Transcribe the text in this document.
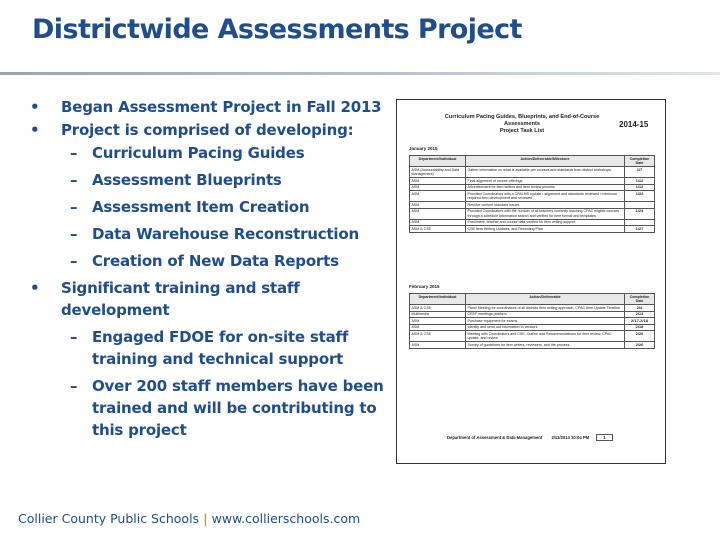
Districtwide Assessments Project
• Began Assessment Project in Fall 2013
• Project is comprised of developing:
– Curriculum Pacing Guides
– Assessment Blueprints
– Assessment Item Creation
– Data Warehouse Reconstruction
– Creation of New Data Reports
• Significant training and staff development
– Engaged FDOE for on-site staff training and technical support
– Over 200 staff members have been trained and will be contributing to this project
Curriculum Pacing Guides, Blueprints, and End-of-Course Assessments
Project Task List
2014-15
January 2015
Department/Individual	Action/Deliverable/Milestone	Completion Date
ASM (Accountability and Data Management)	Gather information on what is available per courses and standards from district workshops	1/7
ASM	Final alignment of course offerings	1/12
ASM	Advertisement for item writers and item review process	1/12
ASM	Provided Coordinators with a CPALMS update • alignment and standards reviewed • minimum required item development and reviewed	1/23
ASM	Resolve content standard issues	
ASM	Provided Coordinators with the number of all teachers currently teaching CPAC eligible courses through a schedule information search and verified for item format and templates	1/24
ASM	Enrollment, teacher and course data verified for item writing support	
ASM & CSE	CSE Item Writing Updates, and Recruiting Plan	1/27
February 2015
Department/Individual	Action/Deliverable	Completion Date
ASM & CSE	Panel Meeting for coordinators of all districts item writing approach, CPAC Item Update Timeline	2/4
Multimedia	CEEF meetings platform	2/13
ASM	Purchase equipment for exams	2/17-2/18
ASM	Identify and send out information to vendors	2/18
ASM & CSE	Meeting with Coordinators and CSE, Outline and Recommendations for item review, CPAC update, and review	2/26
ASM	Survey of guidelines for item writers, reviewers, and the process	2/26
Department of Assessment & Data Management 2/11/2014 10:04 PM	1
Collier County Public Schools | www.collierschools.com
